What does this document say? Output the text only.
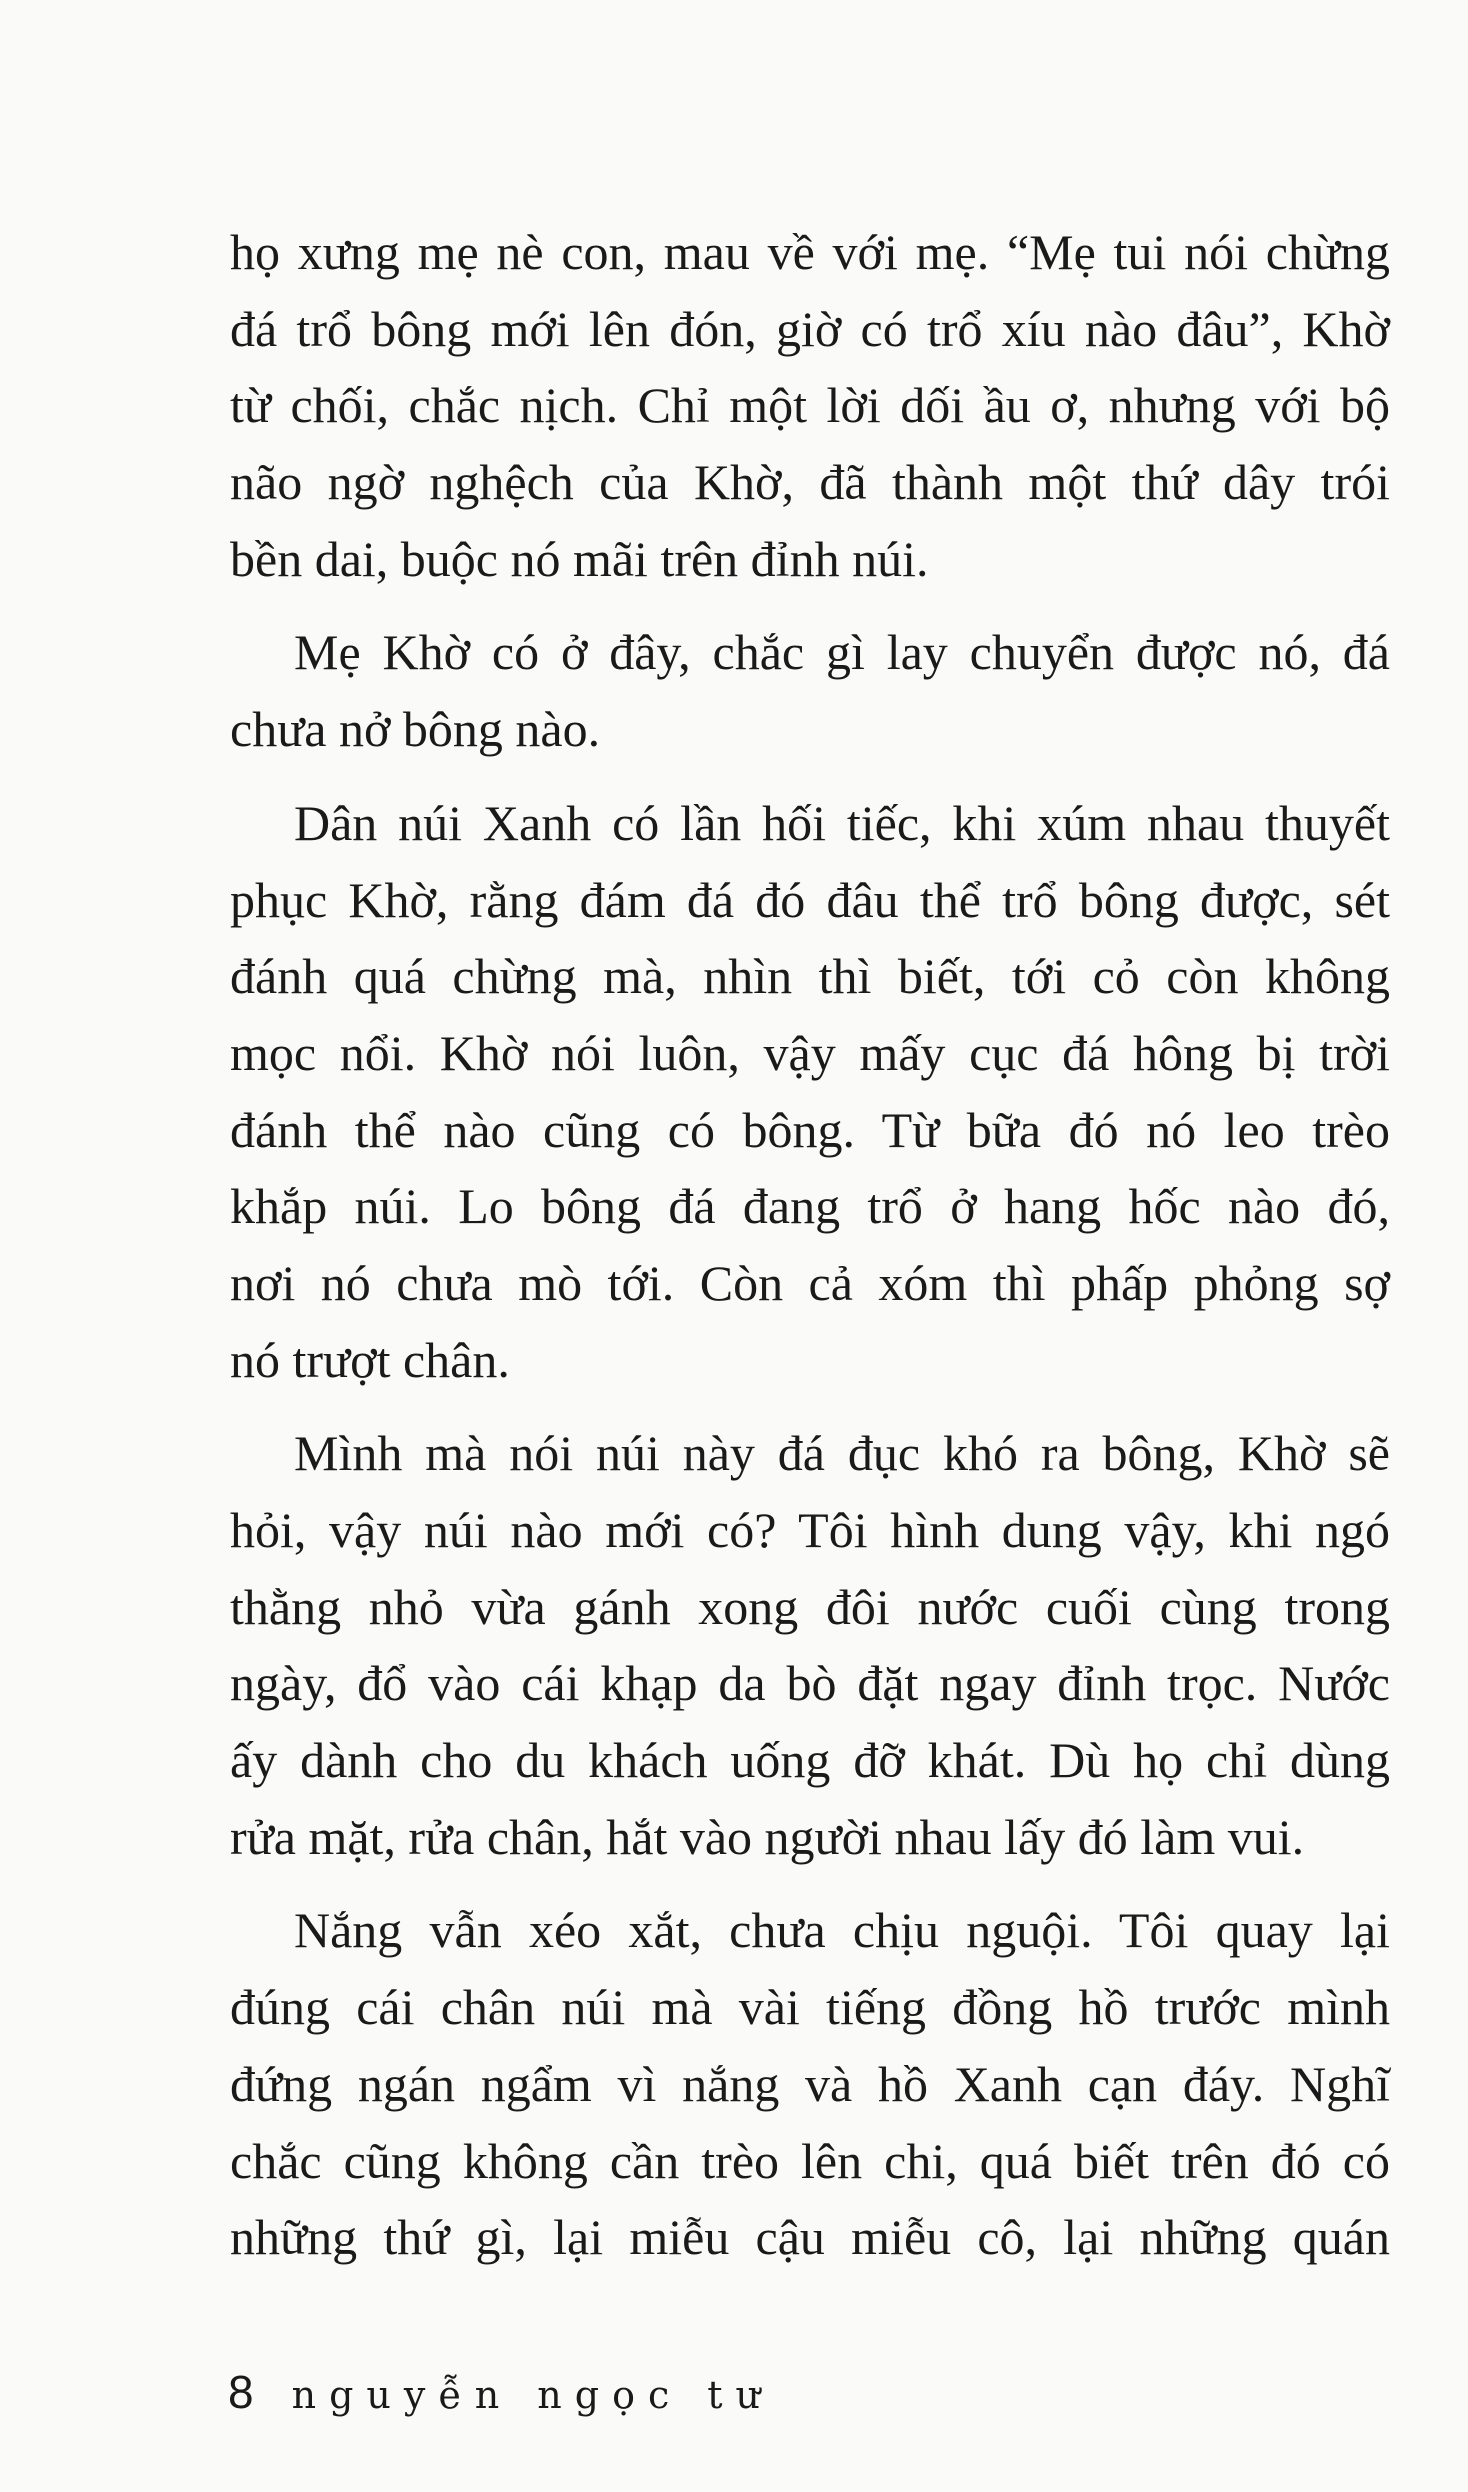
họ xưng mẹ nè con, mau về với mẹ. “Mẹ tui nói chừng
đá trổ bông mới lên đón, giờ có trổ xíu nào đâu”, Khờ
từ chối, chắc nịch. Chỉ một lời dối ầu ơ, nhưng với bộ
não ngờ nghệch của Khờ, đã thành một thứ dây trói
bền dai, buộc nó mãi trên đỉnh núi.
Mẹ Khờ có ở đây, chắc gì lay chuyển được nó, đá
chưa nở bông nào.
Dân núi Xanh có lần hối tiếc, khi xúm nhau thuyết
phục Khờ, rằng đám đá đó đâu thể trổ bông được, sét
đánh quá chừng mà, nhìn thì biết, tới cỏ còn không
mọc nổi. Khờ nói luôn, vậy mấy cục đá hông bị trời
đánh thể nào cũng có bông. Từ bữa đó nó leo trèo
khắp núi. Lo bông đá đang trổ ở hang hốc nào đó,
nơi nó chưa mò tới. Còn cả xóm thì phấp phỏng sợ
nó trượt chân.
Mình mà nói núi này đá đục khó ra bông, Khờ sẽ
hỏi, vậy núi nào mới có? Tôi hình dung vậy, khi ngó
thằng nhỏ vừa gánh xong đôi nước cuối cùng trong
ngày, đổ vào cái khạp da bò đặt ngay đỉnh trọc. Nước
ấy dành cho du khách uống đỡ khát. Dù họ chỉ dùng
rửa mặt, rửa chân, hắt vào người nhau lấy đó làm vui.
Nắng vẫn xéo xắt, chưa chịu nguội. Tôi quay lại
đúng cái chân núi mà vài tiếng đồng hồ trước mình
đứng ngán ngẩm vì nắng và hồ Xanh cạn đáy. Nghĩ
chắc cũng không cần trèo lên chi, quá biết trên đó có
những thứ gì, lại miễu cậu miễu cô, lại những quán
8 nguyễn ngọc tư
